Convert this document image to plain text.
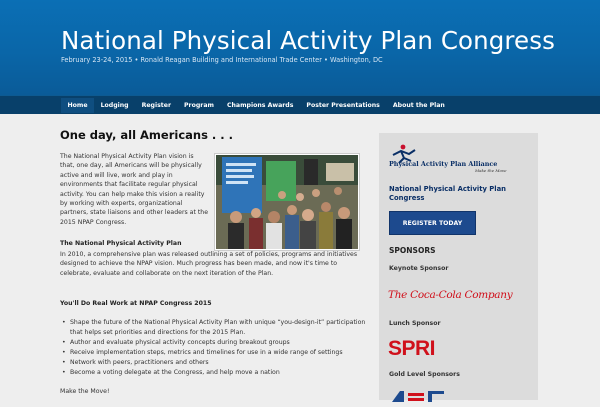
National Physical Activity Plan Congress
February 23-24, 2015 • Ronald Reagan Building and International Trade Center • Washington, DC
Home	Lodging	Register	Program	Champions Awards	Poster Presentations	About the Plan
One day, all Americans . . .
The National Physical Activity Plan vision is that, one day, all Americans will be physically active and will live, work and play in environments that facilitate regular physical activity. You can help make this vision a reality by working with experts, organizational partners, state liaisons and other leaders at the 2015 NPAP Congress.
The National Physical Activity Plan
In 2010, a comprehensive plan was released outlining a set of policies, programs and initiatives designed to achieve the NPAP vision. Much progress has been made, and now it's time to celebrate, evaluate and collaborate on the next iteration of the Plan.
You'll Do Real Work at NPAP Congress 2015
• Shape the future of the National Physical Activity Plan with unique “you-design-it” participation that helps set priorities and directions for the 2015 Plan.
• Author and evaluate physical activity concepts during breakout groups
• Receive implementation steps, metrics and timelines for use in a wide range of settings
• Network with peers, practitioners and others
• Become a voting delegate at the Congress, and help move a nation
Make the Move!
Physical Activity Plan Alliance
Make the Move
National Physical Activity Plan Congress
REGISTER TODAY
SPONSORS
Keynote Sponsor
The Coca-Cola Company
Lunch Sponsor
SPRI
Gold Level Sponsors
